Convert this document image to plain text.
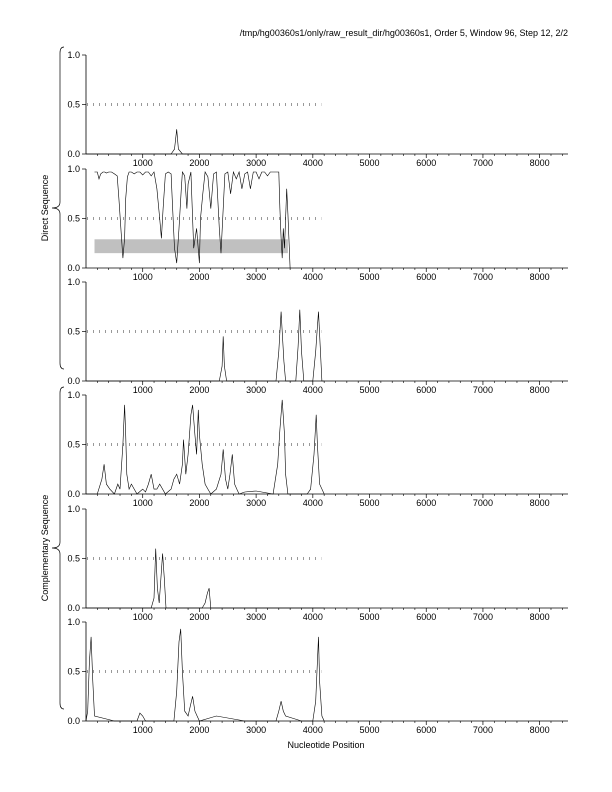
/tmp/hg00360s1/only/raw_result_dir/hg00360s1, Order 5, Window 96, Step 12, 2/2
Direct Sequence
Complementary Sequence
1000	2000	3000	4000	5000	6000	7000	8000
0.0
0.5
1.0
1000	2000	3000	4000	5000	6000	7000	8000
0.0
0.5
1.0
1000	2000	3000	4000	5000	6000	7000	8000
0.0
0.5
1.0
1000	2000	3000	4000	5000	6000	7000	8000
0.0
0.5
1.0
1000	2000	3000	4000	5000	6000	7000	8000
0.0
0.5
1.0
1000	2000	3000	4000	5000	6000	7000	8000
0.0
0.5
1.0
Nucleotide Position
